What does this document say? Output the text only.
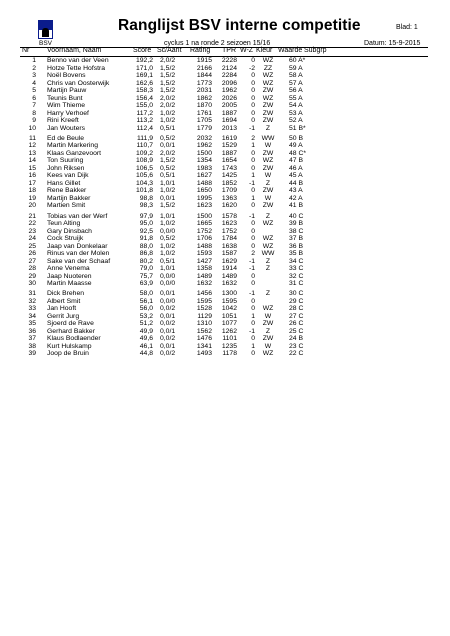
BSV
Ranglijst BSV interne competitie	Blad: 1
cyclus 1 na ronde 2 seizoen 15/16	Datum: 15-9-2015
Nr	Voornaam, Naam	Score Sc/Aant Rating TPR W-Z Kleur Waarde Subgrp
1 Benno van der Veen	192,2 2,0/2	1915	2228	0 WZ 60 A*
2 Hotze Tette Hofstra	171,0 1,5/2	2166	2124	-2	ZZ	59 A
3 Noël Bovens	169,1 1,5/2	1844	2284	0 WZ 58 A
4 Chris van Oosterwijk	162,6 1,5/2	1773	2096	0 WZ 57 A
5 Martijn Pauw	158,3 1,5/2	2031	1962	0 ZW 56 A
6 Teunis Bunt	156,4 2,0/2	1862	2026	0 WZ 55 A
7 Wim Thieme	155,0 2,0/2	1870	2005	0 ZW 54 A
8 Harry Verhoef	117,2 1,0/2	1761	1887	0 ZW 53 A
9 Rini Kreeft	113,2 1,0/2	1705	1694	0 ZW 52 A
10 Jan Wouters	112,4 0,5/1	1779	2013	-1	Z	51 B*
11 Ed de Beule	111,9 0,5/2	2032	1619	2 WW 50 B
12 Martin Markering	110,7 0,0/1	1962	1529	1	W	49 A
13 Klaas Ganzevoort	109,2 2,0/2	1500	1887	0 ZW 48 C*
14 Ton Suuring	108,9 1,5/2	1354	1654	0 WZ 47 B
15 John Riksen	106,5 0,5/2	1983	1743	0 ZW 46 A
16 Kees van Dijk	105,6 0,5/1	1627	1425	1	W	45 A
17 Hans Gillet	104,3 1,0/1	1488	1852	-1	Z	44 B
18 Rene Bakker	101,8 1,0/2	1650	1709	0 ZW 43 A
19 Martijn Bakker	98,8 0,0/1	1995	1363	1	W	42 A
20 Martien Smit	98,3 1,5/2	1623	1620	0 ZW 41 B
21 Tobias van der Werf	97,9 1,0/1	1500	1578	-1	Z	40 C
22 Teun Alting	95,0 1,0/2	1665	1623	0 WZ 39 B
23 Gary Dinsbach	92,5 0,0/0	1752	1752	0	38 C
24 Cock Struijk	91,8 0,5/2	1706	1784	0 WZ 37 B
25 Jaap van Donkelaar	88,0 1,0/2	1488	1638	0 WZ 36 B
26 Rinus van der Molen	86,8 1,0/2	1593	1587	2 WW 35 B
27 Sake van der Schaaf	80,2 0,5/1	1427	1629	-1	Z	34 C
28 Anne Venema	79,0 1,0/1	1358	1914	-1	Z	33 C
29 Jaap Nuoteren	75,7 0,0/0	1489	1489	0	32 C
30 Martin Maasse	63,9 0,0/0	1632	1632	0	31 C
31 Dick Brehen	58,0 0,0/1	1456	1300	-1	Z	30 C
32 Albert Smit	56,1 0,0/0	1595	1595	0	29 C
33 Jan Hooft	56,0 0,0/2	1528	1042	0 WZ 28 C
34 Gerrit Jurg	53,2 0,0/1	1129	1051	1	W	27 C
35 Sjoerd de Rave	51,2 0,0/2	1310	1077	0 ZW 26 C
36 Gerhard Bakker	49,9 0,0/1	1562	1262	-1	Z	25 C
37 Klaus Bodlaender	49,6 0,0/2	1476	1101	0 ZW 24 B
38 Kurt Hulskamp	46,1 0,0/1	1341	1235	1	W	23 C
39 Joop de Bruin	44,8 0,0/2	1493	1178	0 WZ 22 C
